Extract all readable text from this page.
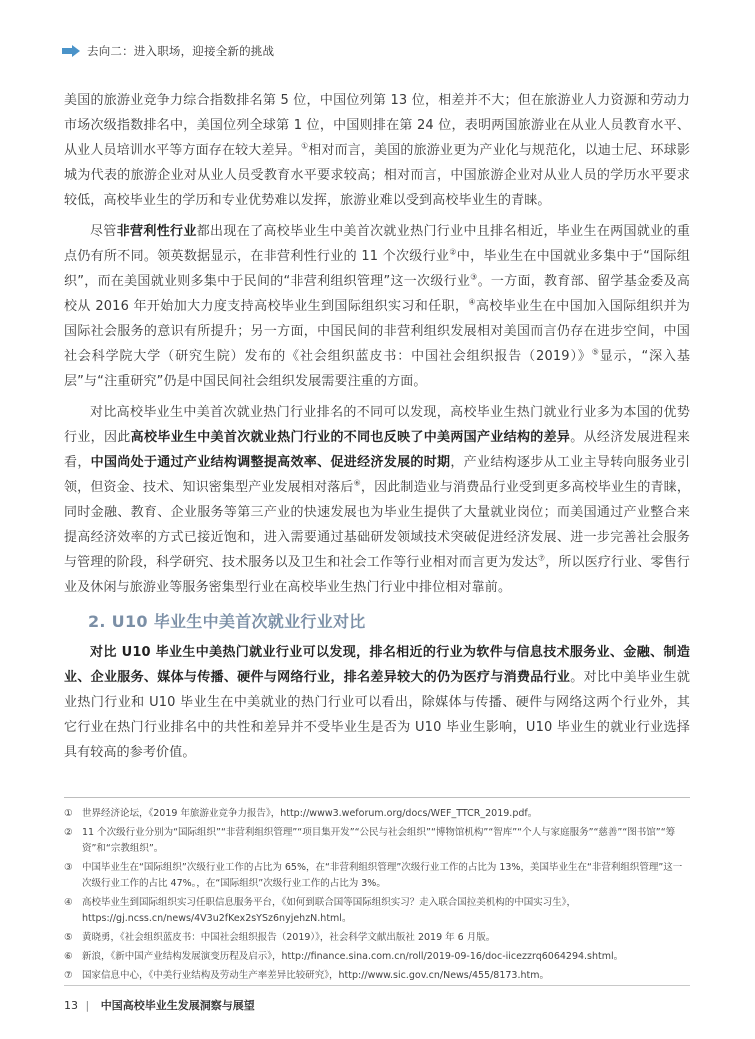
去向二：进入职场，迎接全新的挑战

美国的旅游业竞争力综合指数排名第 5 位，中国位列第 13 位，相差并不大；但在旅游业人力资源和劳动力市场次级指数排名中，美国位列全球第 1 位，中国则排在第 24 位，表明两国旅游业在从业人员教育水平、从业人员培训水平等方面存在较大差异。①相对而言，美国的旅游业更为产业化与规范化，以迪士尼、环球影城为代表的旅游企业对从业人员受教育水平要求较高；相对而言，中国旅游企业对从业人员的学历水平要求较低，高校毕业生的学历和专业优势难以发挥，旅游业难以受到高校毕业生的青睐。

尽管非营利性行业都出现在了高校毕业生中美首次就业热门行业中且排名相近，毕业生在两国就业的重点仍有所不同。领英数据显示，在非营利性行业的 11 个次级行业②中，毕业生在中国就业多集中于“国际组织”，而在美国就业则多集中于民间的“非营利组织管理”这一次级行业③。一方面，教育部、留学基金委及高校从 2016 年开始加大力度支持高校毕业生到国际组织实习和任职，④高校毕业生在中国加入国际组织并为国际社会服务的意识有所提升；另一方面，中国民间的非营利组织发展相对美国而言仍存在进步空间，中国社会科学院大学（研究生院）发布的《社会组织蓝皮书：中国社会组织报告（2019）》⑤显示，“深入基层”与“注重研究”仍是中国民间社会组织发展需要注重的方面。

对比高校毕业生中美首次就业热门行业排名的不同可以发现，高校毕业生热门就业行业多为本国的优势行业，因此高校毕业生中美首次就业热门行业的不同也反映了中美两国产业结构的差异。从经济发展进程来看，中国尚处于通过产业结构调整提高效率、促进经济发展的时期，产业结构逐步从工业主导转向服务业引领，但资金、技术、知识密集型产业发展相对落后⑥，因此制造业与消费品行业受到更多高校毕业生的青睐，同时金融、教育、企业服务等第三产业的快速发展也为毕业生提供了大量就业岗位；而美国通过产业整合来提高经济效率的方式已接近饱和，进入需要通过基础研发领域技术突破促进经济发展、进一步完善社会服务与管理的阶段，科学研究、技术服务以及卫生和社会工作等行业相对而言更为发达⑦，所以医疗行业、零售行业及休闲与旅游业等服务密集型行业在高校毕业生热门行业中排位相对靠前。

2. U10 毕业生中美首次就业行业对比

对比 U10 毕业生中美热门就业行业可以发现，排名相近的行业为软件与信息技术服务业、金融、制造业、企业服务、媒体与传播、硬件与网络行业，排名差异较大的仍为医疗与消费品行业。对比中美毕业生就业热门行业和 U10 毕业生在中美就业的热门行业可以看出，除媒体与传播、硬件与网络这两个行业外，其它行业在热门行业排名中的共性和差异并不受毕业生是否为 U10 毕业生影响，U10 毕业生的就业行业选择具有较高的参考价值。

① 世界经济论坛，《2019 年旅游业竞争力报告》，http://www3.weforum.org/docs/WEF_TTCR_2019.pdf。
② 11 个次级行业分别为“国际组织”“非营利组织管理”“项目集开发”“公民与社会组织”“博物馆机构”“智库”“个人与家庭服务”“慈善”“图书馆”“筹资”和“宗教组织”。
③ 中国毕业生在“国际组织”次级行业工作的占比为 65%，在“非营利组织管理”次级行业工作的占比为 13%，美国毕业生在“非营利组织管理”这一次级行业工作的占比 47%。，在“国际组织”次级行业工作的占比为 3%。
④ 高校毕业生到国际组织实习任职信息服务平台，《如何到联合国等国际组织实习？走入联合国拉美机构的中国实习生》，https://gj.ncss.cn/news/4V3u2fKex2sYSz6nyjehzN.html。
⑤ 黄晓勇，《社会组织蓝皮书：中国社会组织报告（2019）》，社会科学文献出版社 2019 年 6 月版。
⑥ 新浪，《新中国产业结构发展演变历程及启示》，http://finance.sina.com.cn/roll/2019-09-16/doc-iicezzrq6064294.shtml。
⑦ 国家信息中心，《中美行业结构及劳动生产率差异比较研究》，http://www.sic.gov.cn/News/455/8173.htm。
13 | 中国高校毕业生发展洞察与展望
